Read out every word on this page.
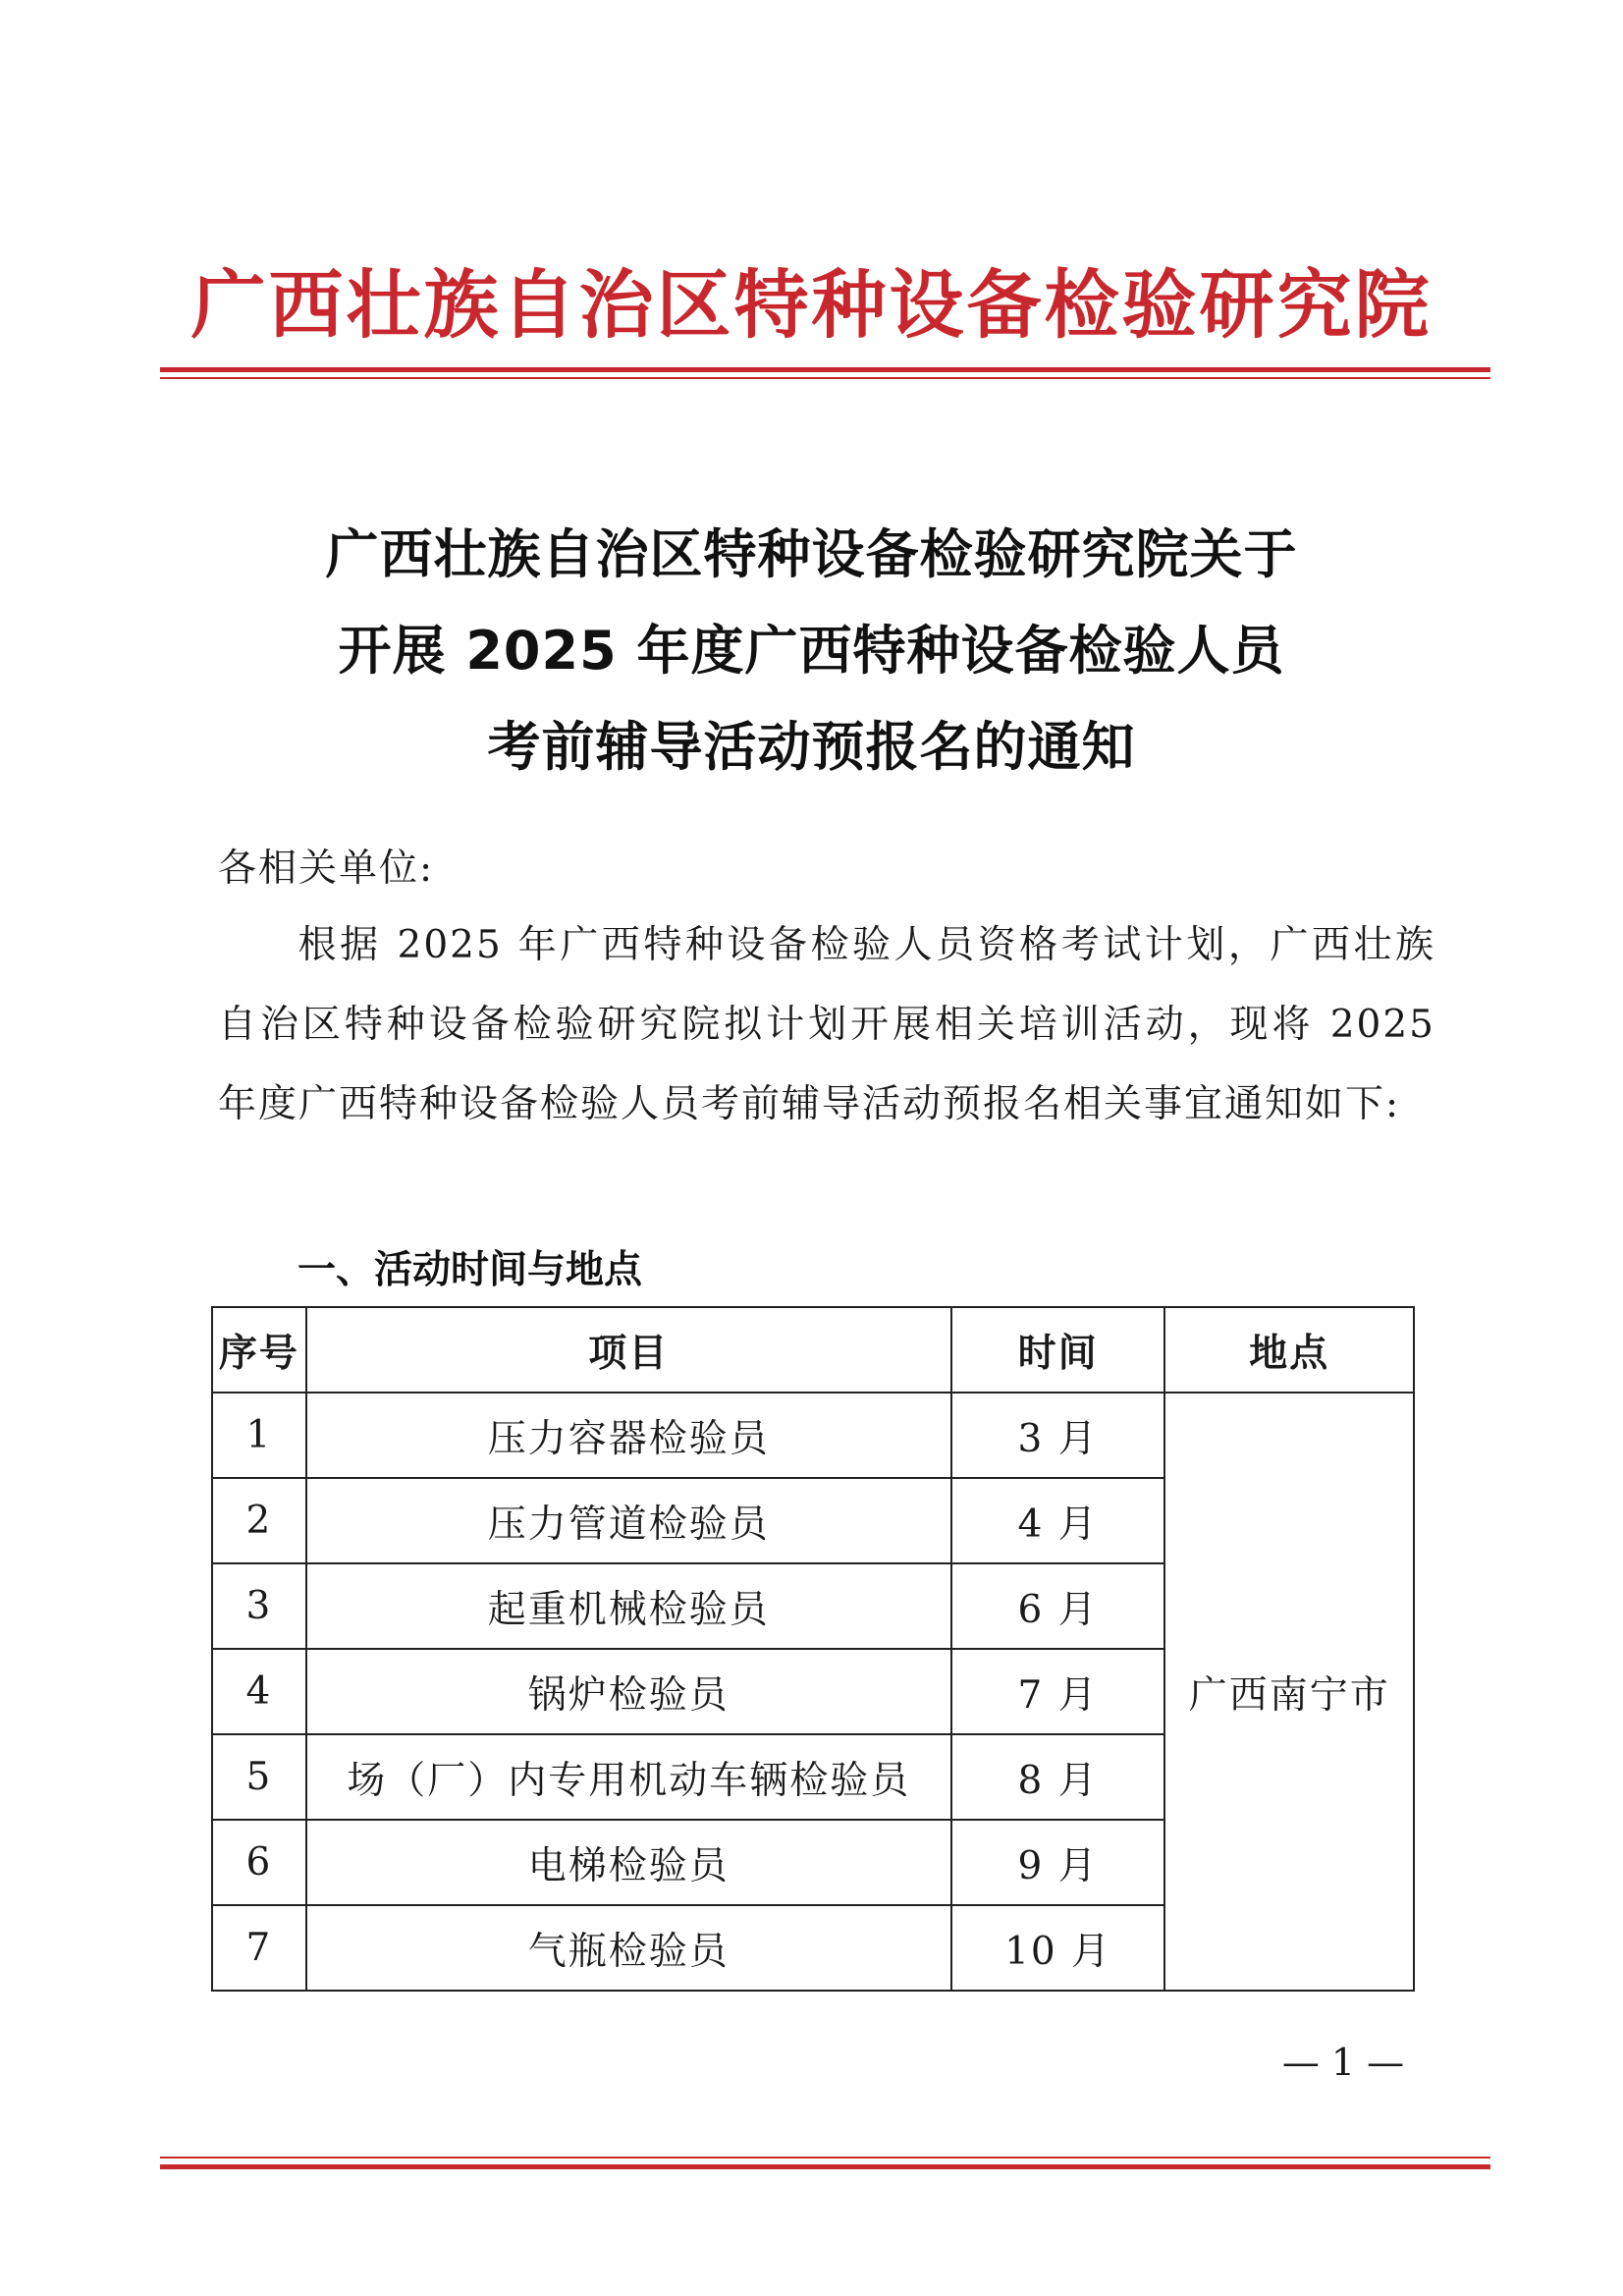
广西壮族自治区特种设备检验研究院
广西壮族自治区特种设备检验研究院关于
开展 2025 年度广西特种设备检验人员
考前辅导活动预报名的通知
各相关单位:
根据 2025 年广西特种设备检验人员资格考试计划，广西壮族自治区特种设备检验研究院拟计划开展相关培训活动，现将 2025 年度广西特种设备检验人员考前辅导活动预报名相关事宜通知如下:
一、活动时间与地点
序号	项目	时间	地点
1	压力容器检验员	3 月	广西南宁市
2	压力管道检验员	4 月	
3	起重机械检验员	6 月	
4	锅炉检验员	7 月	
5	场（厂）内专用机动车辆检验员	8 月	
6	电梯检验员	9 月	
7	气瓶检验员	10 月	
— 1 —
